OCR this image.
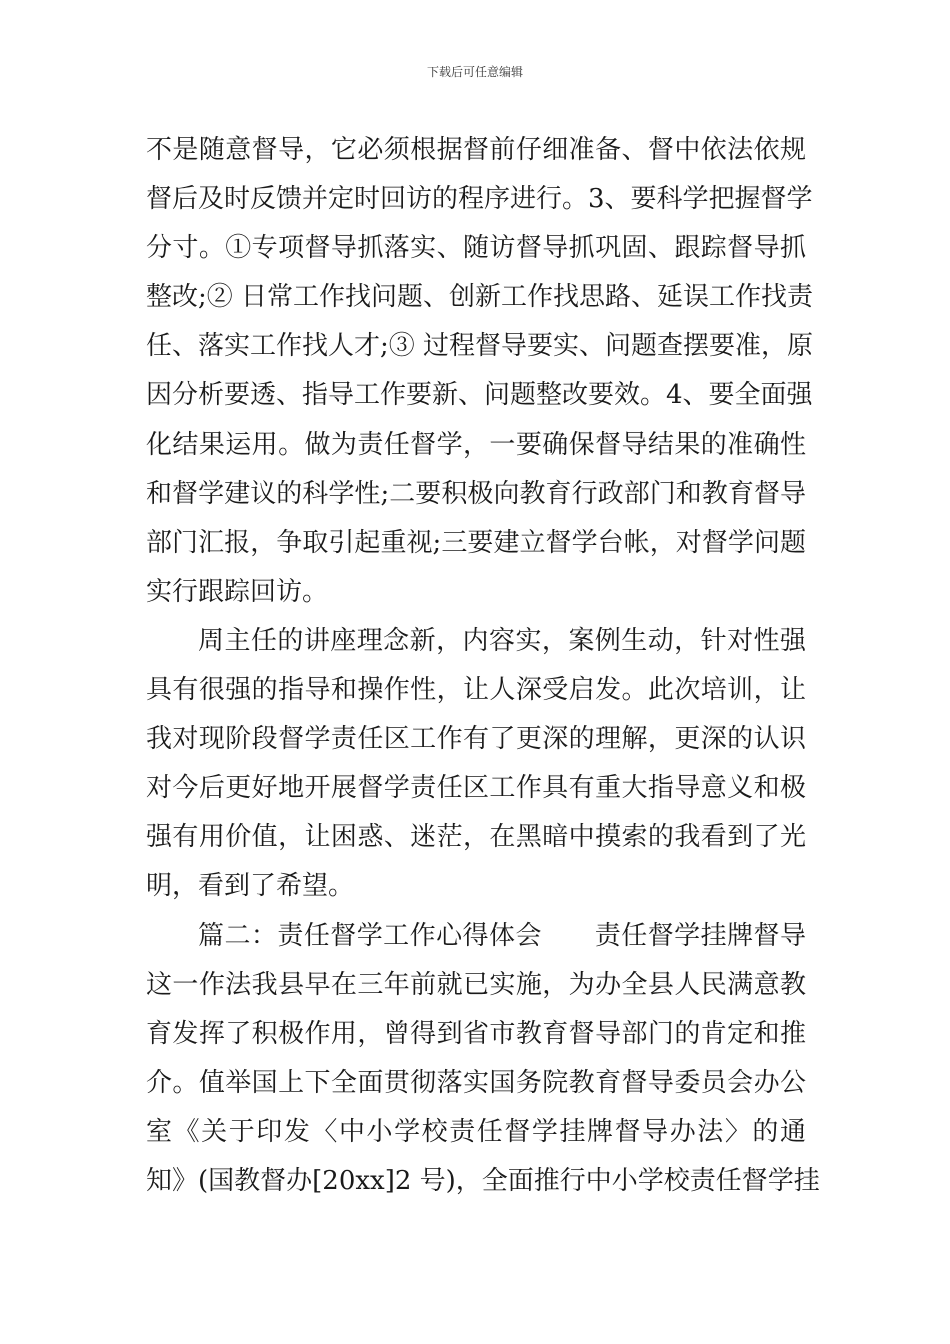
下载后可任意编辑
不是随意督导，它必须根据督前仔细准备、督中依法依规
督后及时反馈并定时回访的程序进行。3、要科学把握督学
分寸。①专项督导抓落实、随访督导抓巩固、跟踪督导抓
整改;② 日常工作找问题、创新工作找思路、延误工作找责
任、落实工作找人才;③ 过程督导要实、问题查摆要准，原
因分析要透、指导工作要新、问题整改要效。4、要全面强
化结果运用。做为责任督学，一要确保督导结果的准确性
和督学建议的科学性;二要积极向教育行政部门和教育督导
部门汇报，争取引起重视;三要建立督学台帐，对督学问题
实行跟踪回访。
周主任的讲座理念新，内容实，案例生动，针对性强
具有很强的指导和操作性，让人深受启发。此次培训，让
我对现阶段督学责任区工作有了更深的理解，更深的认识
对今后更好地开展督学责任区工作具有重大指导意义和极
强有用价值，让困惑、迷茫，在黑暗中摸索的我看到了光
明，看到了希望。
篇二：责任督学工作心得体会　　责任督学挂牌督导
这一作法我县早在三年前就已实施，为办全县人民满意教
育发挥了积极作用，曾得到省市教育督导部门的肯定和推
介。值举国上下全面贯彻落实国务院教育督导委员会办公
室《关于印发〈中小学校责任督学挂牌督导办法〉的通
知》(国教督办[20xx]2 号)，全面推行中小学校责任督学挂
